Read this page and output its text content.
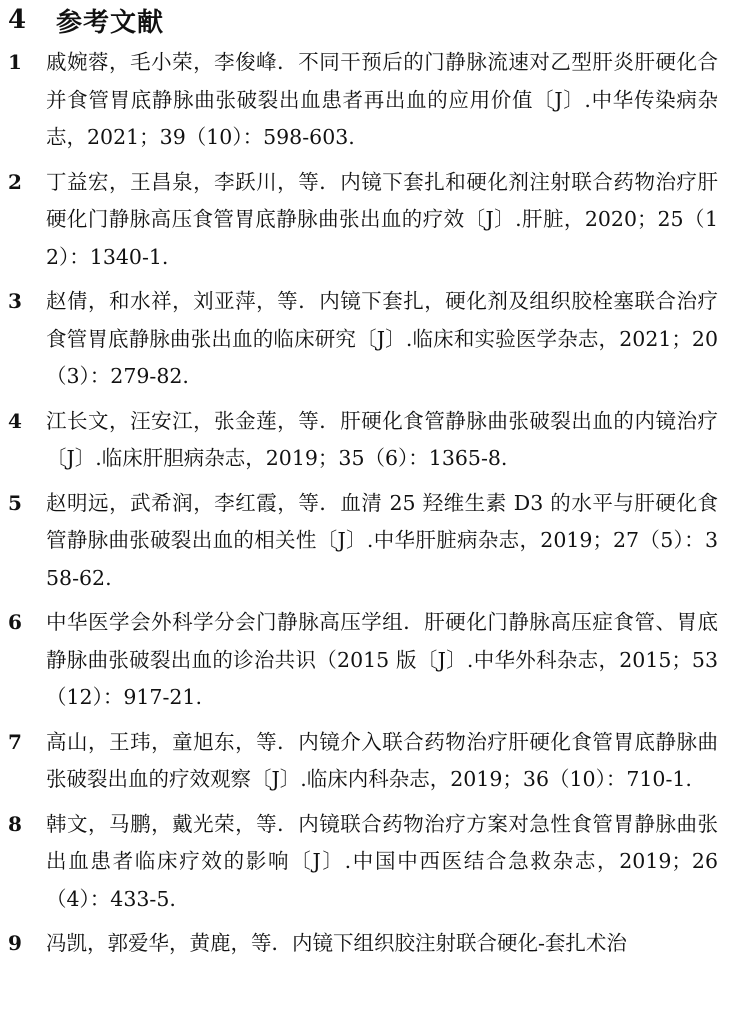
4	参考文献
1	戚婉蓉，毛小荣，李俊峰．不同干预后的门静脉流速对乙型肝炎肝硬化合并食管胃底静脉曲张破裂出血患者再出血的应用价值〔J〕.中华传染病杂志，2021；39（10）：598-603.
2	丁益宏，王昌泉，李跃川，等．内镜下套扎和硬化剂注射联合药物治疗肝硬化门静脉高压食管胃底静脉曲张出血的疗效〔J〕.肝脏，2020；25（12）：1340-1.
3	赵倩，和水祥，刘亚萍，等．内镜下套扎，硬化剂及组织胶栓塞联合治疗食管胃底静脉曲张出血的临床研究〔J〕.临床和实验医学杂志，2021；20（3）：279-82.
4	江长文，汪安江，张金莲，等．肝硬化食管静脉曲张破裂出血的内镜治疗〔J〕.临床肝胆病杂志，2019；35（6）：1365-8.
5	赵明远，武希润，李红霞，等．血清 25 羟维生素 D3 的水平与肝硬化食管静脉曲张破裂出血的相关性〔J〕.中华肝脏病杂志，2019；27（5）：358-62.
6	中华医学会外科学分会门静脉高压学组．肝硬化门静脉高压症食管、胃底静脉曲张破裂出血的诊治共识（2015 版〔J〕.中华外科杂志，2015；53（12）：917-21.
7	高山，王玮，童旭东，等．内镜介入联合药物治疗肝硬化食管胃底静脉曲张破裂出血的疗效观察〔J〕.临床内科杂志，2019；36（10）：710-1.
8	韩文，马鹏，戴光荣，等．内镜联合药物治疗方案对急性食管胃静脉曲张出血患者临床疗效的影响〔J〕.中国中西医结合急救杂志，2019；26（4）：433-5.
9	冯凯，郭爱华，黄鹿，等．内镜下组织胶注射联合硬化-套扎术治
